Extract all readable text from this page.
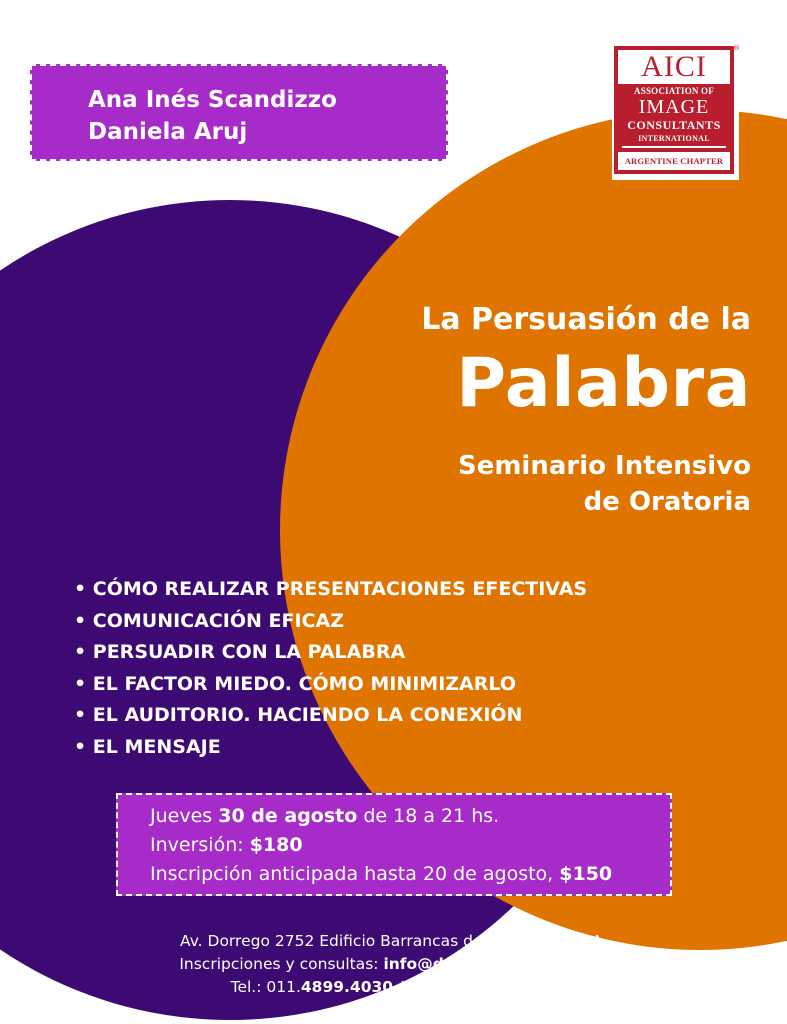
Ana Inés Scandizzo
Daniela Aruj
®
AICI
ASSOCIATION OF
IMAGE
CONSULTANTS
INTERNATIONAL
ARGENTINE CHAPTER
La Persuasión de la
Palabra
Seminario Intensivo
de Oratoria
• CÓMO REALIZAR PRESENTACIONES EFECTIVAS
• COMUNICACIÓN EFICAZ
• PERSUADIR CON LA PALABRA
• EL FACTOR MIEDO. CÓMO MINIMIZARLO
• EL AUDITORIO. HACIENDO LA CONEXIÓN
• EL MENSAJE
Jueves 30 de agosto de 18 a 21 hs.
Inversión: $180
Inscripción anticipada hasta 20 de agosto, $150
Av. Dorrego 2752 Edificio Barrancas de Dorrego, CABA.
Inscripciones y consultas: info@danielaaaruj.com.ar
Tel.: 011.4899.4030 / 011.15.69387050
